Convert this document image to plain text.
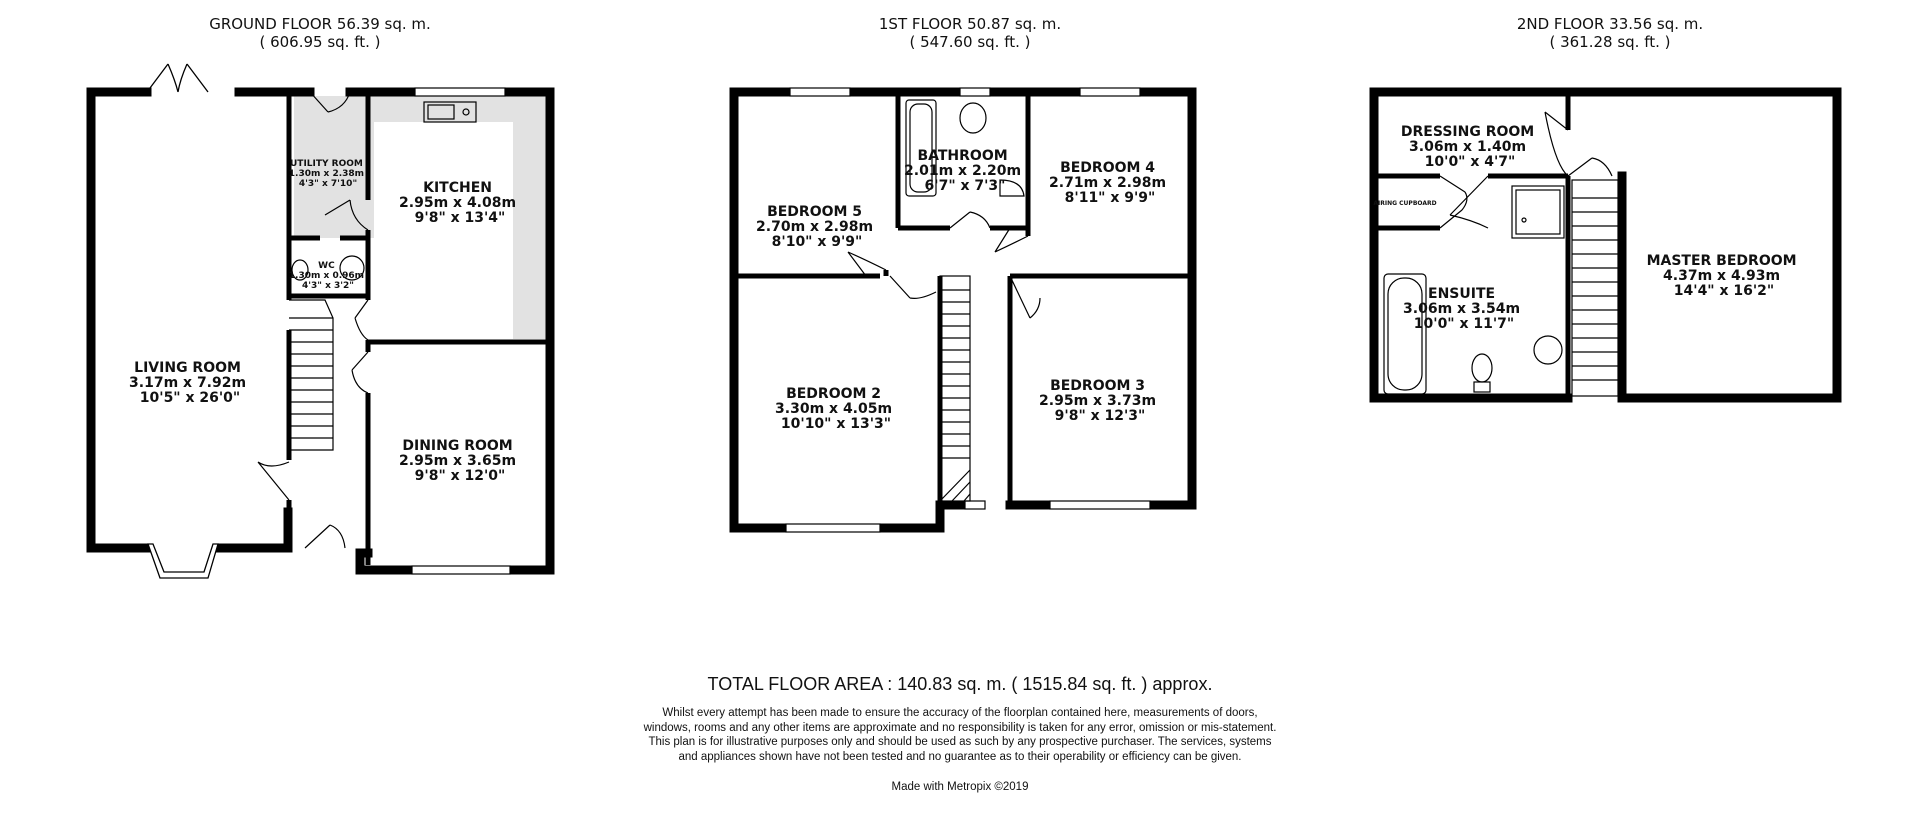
GROUND FLOOR 56.39 sq. m.
( 606.95 sq. ft. )
1ST FLOOR 50.87 sq. m.
( 547.60 sq. ft. )
2ND FLOOR 33.56 sq. m.
( 361.28 sq. ft. )
LIVING ROOM 3.17m x 7.92m 10'5" x 26'0"
KITCHEN 2.95m x 4.08m 9'8" x 13'4"
UTILITY ROOM 1.30m x 2.38m 4'3" x 7'10"
WC 1.30m x 0.96m 4'3" x 3'2"
DINING ROOM 2.95m x 3.65m 9'8" x 12'0"
BEDROOM 5 2.70m x 2.98m 8'10" x 9'9"
BATHROOM 2.01m x 2.20m 6'7" x 7'3"
BEDROOM 4 2.71m x 2.98m 8'11" x 9'9"
BEDROOM 2 3.30m x 4.05m 10'10" x 13'3"
BEDROOM 3 2.95m x 3.73m 9'8" x 12'3"
DRESSING ROOM 3.06m x 1.40m 10'0" x 4'7"
AIRING CUPBOARD
ENSUITE 3.06m x 3.54m 10'0" x 11'7"
MASTER BEDROOM 4.37m x 4.93m 14'4" x 16'2"
TOTAL FLOOR AREA : 140.83 sq. m. ( 1515.84 sq. ft. ) approx.
Whilst every attempt has been made to ensure the accuracy of the floorplan contained here, measurements of doors, windows, rooms and any other items are approximate and no responsibility is taken for any error, omission or mis-statement. This plan is for illustrative purposes only and should be used as such by any prospective purchaser. The services, systems and appliances shown have not been tested and no guarantee as to their operability or efficiency can be given.
Made with Metropix ©2019
